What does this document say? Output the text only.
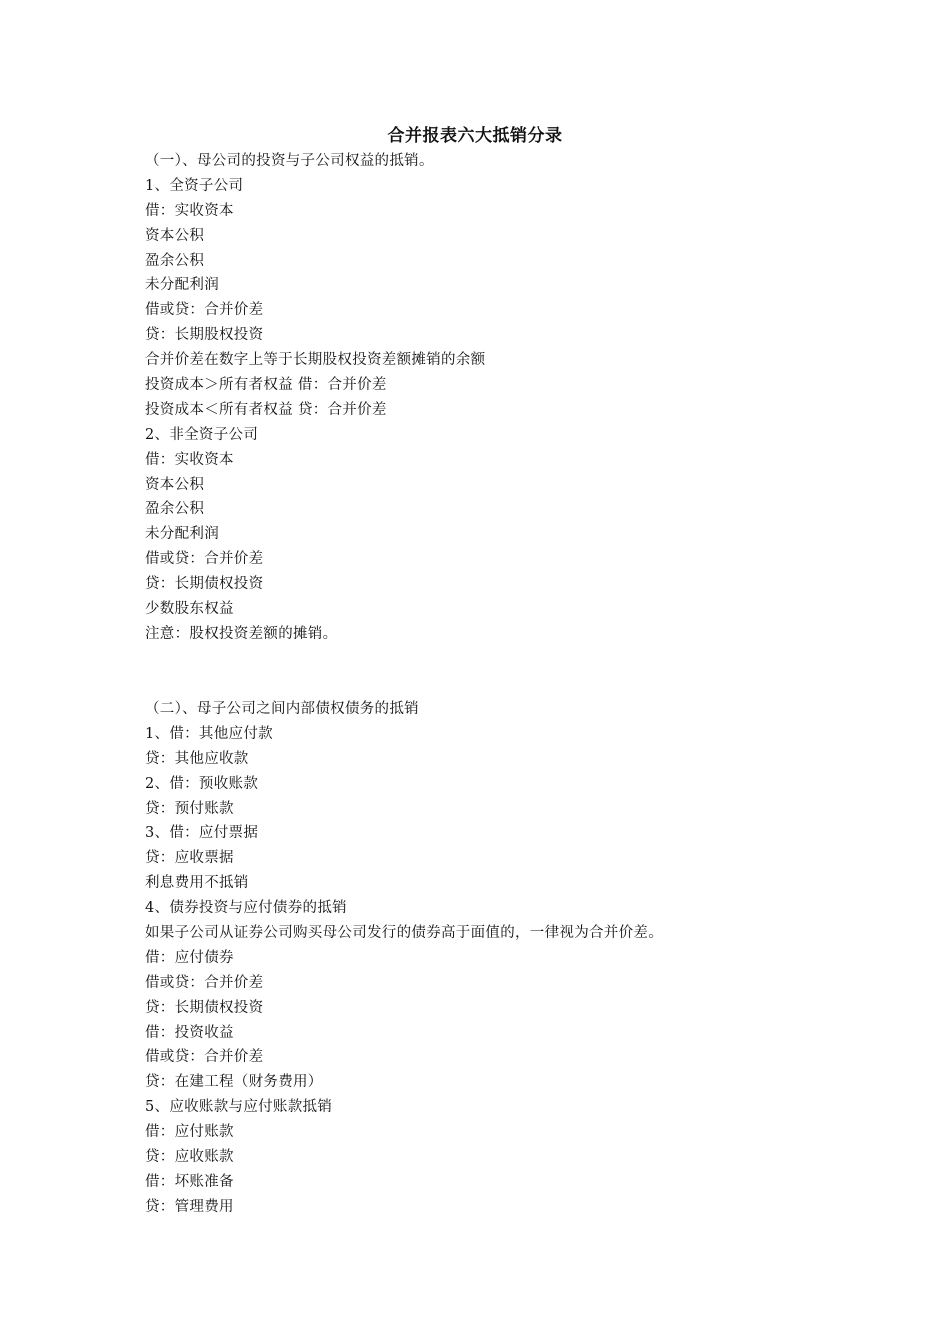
合并报表六大抵销分录
（一）、母公司的投资与子公司权益的抵销。
1、全资子公司
借：实收资本
资本公积
盈余公积
未分配利润
借或贷：合并价差
贷：长期股权投资
合并价差在数字上等于长期股权投资差额摊销的余额
投资成本＞所有者权益 借：合并价差
投资成本＜所有者权益 贷：合并价差
2、非全资子公司
借：实收资本
资本公积
盈余公积
未分配利润
借或贷：合并价差
贷：长期债权投资
少数股东权益
注意：股权投资差额的摊销。
（二）、母子公司之间内部债权债务的抵销
1、借：其他应付款
贷：其他应收款
2、借：预收账款
贷：预付账款
3、借：应付票据
贷：应收票据
利息费用不抵销
4、债券投资与应付债券的抵销
如果子公司从证券公司购买母公司发行的债券高于面值的，一律视为合并价差。
借：应付债券
借或贷：合并价差
贷：长期债权投资
借：投资收益
借或贷：合并价差
贷：在建工程（财务费用）
5、应收账款与应付账款抵销
借：应付账款
贷：应收账款
借：坏账准备
贷：管理费用
